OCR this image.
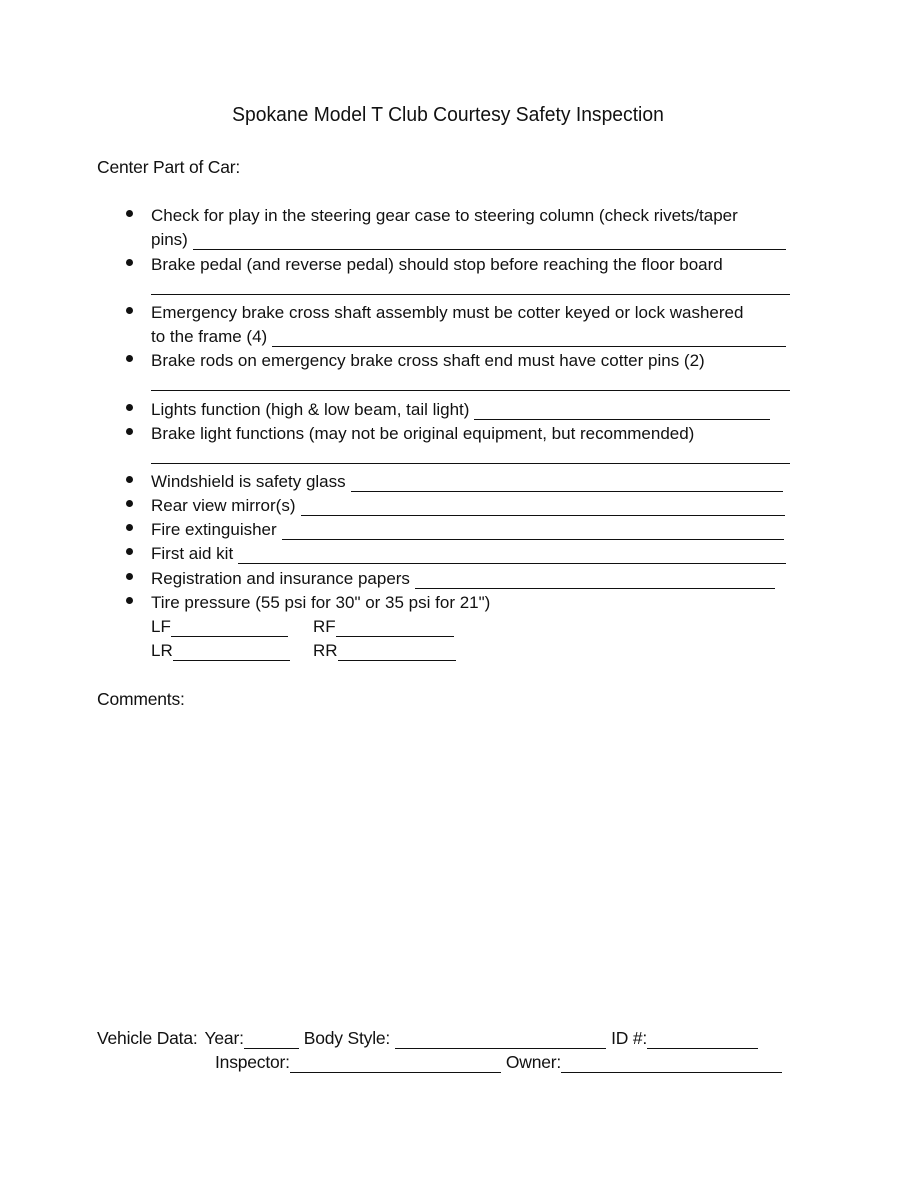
Spokane Model T Club Courtesy Safety Inspection
Center Part of Car:
Check for play in the steering gear case to steering column (check rivets/taper
pins)
Brake pedal (and reverse pedal) should stop before reaching the floor board
Emergency brake cross shaft assembly must be cotter keyed or lock washered
to the frame (4)
Brake rods on emergency brake cross shaft end must have cotter pins (2)
Lights function (high & low beam, tail light)
Brake light functions (may not be original equipment, but recommended)
Windshield is safety glass
Rear view mirror(s)
Fire extinguisher
First aid kit
Registration and insurance papers
Tire pressure (55 psi for 30" or 35 psi for 21")
LF	RF
LR	RR
Comments:
Vehicle Data: Year:	Body Style:	ID #:
Inspector:	Owner:
